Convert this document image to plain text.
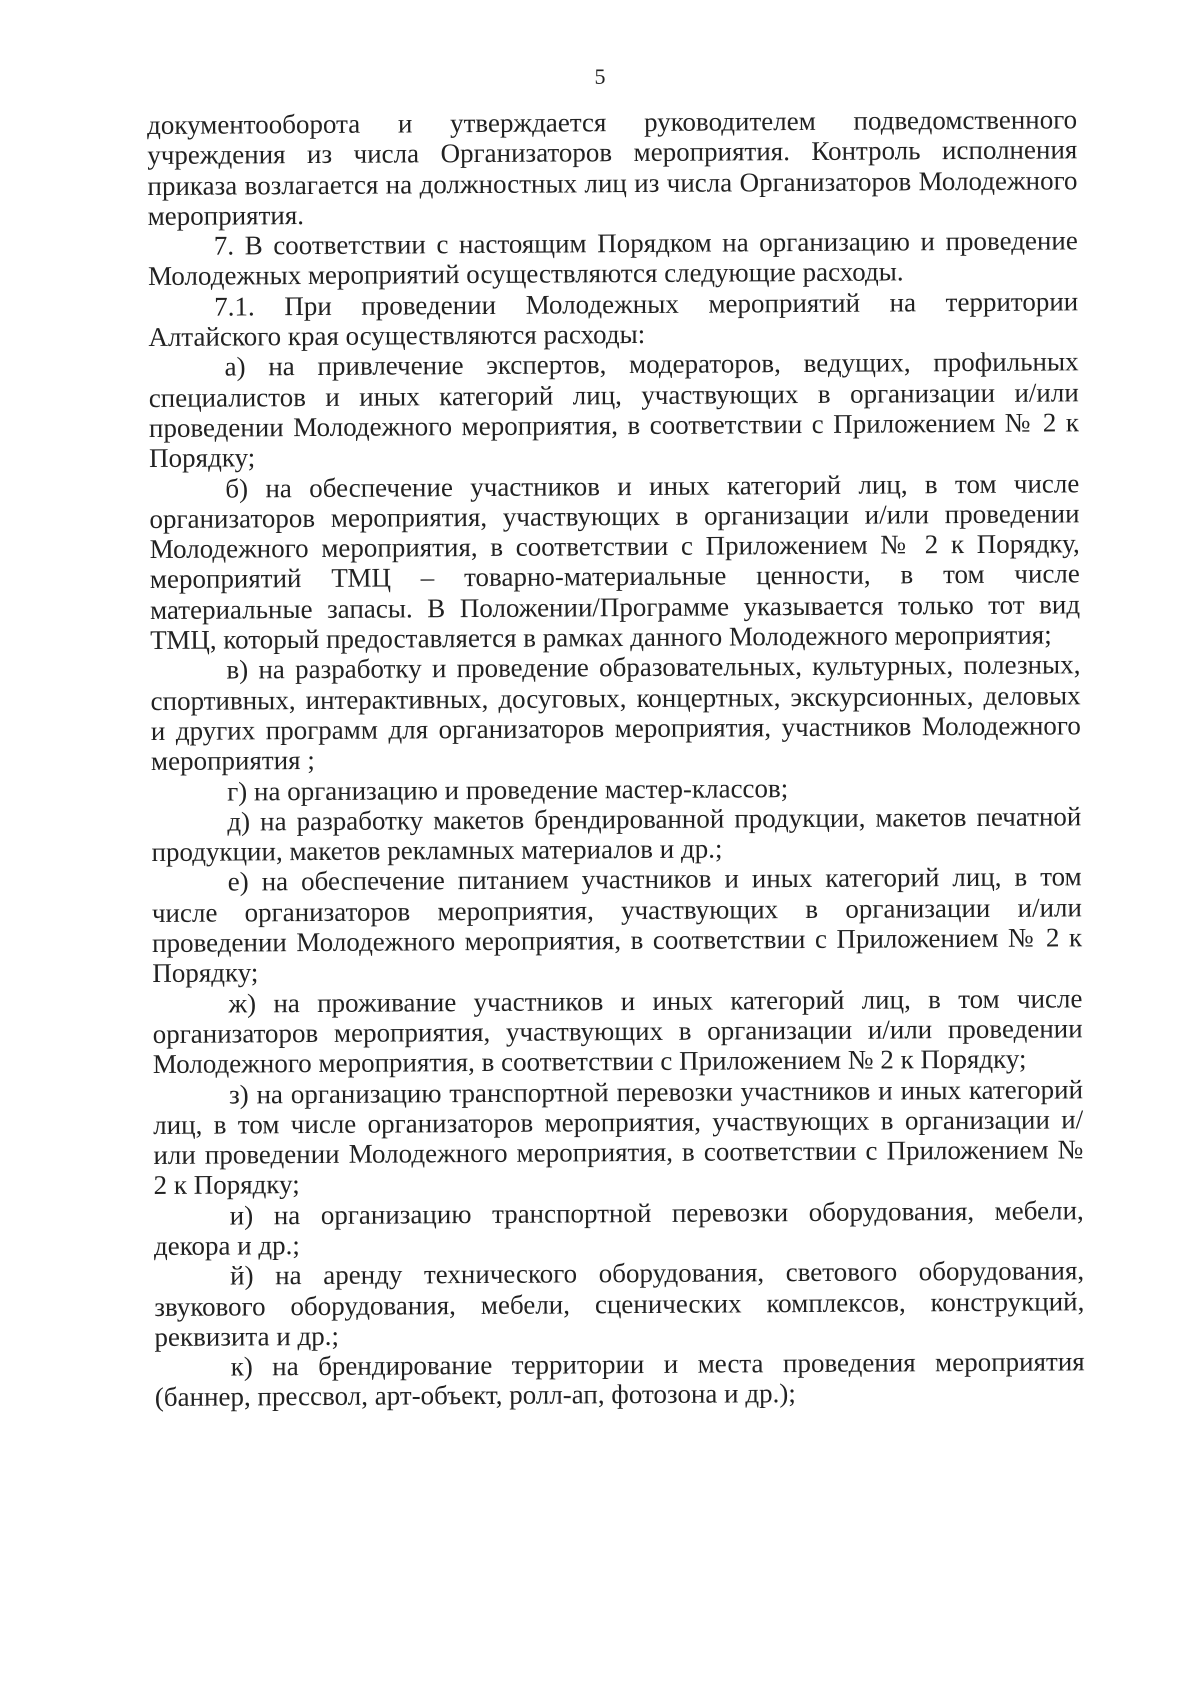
5

документооборота и утверждается руководителем подведомственного учреждения из числа Организаторов мероприятия. Контроль исполнения приказа возлагается на должностных лиц из числа Организаторов Молодежного мероприятия.

7. В соответствии с настоящим Порядком на организацию и проведение Молодежных мероприятий осуществляются следующие расходы.

7.1. При проведении Молодежных мероприятий на территории Алтайского края осуществляются расходы:

а) на привлечение экспертов, модераторов, ведущих, профильных специалистов и иных категорий лиц, участвующих в организации и/или проведении Молодежного мероприятия, в соответствии с Приложением № 2 к Порядку;

б) на обеспечение участников и иных категорий лиц, в том числе организаторов мероприятия, участвующих в организации и/или проведении Молодежного мероприятия, в соответствии с Приложением № 2 к Порядку, мероприятий ТМЦ – товарно-материальные ценности, в том числе материальные запасы. В Положении/Программе указывается только тот вид ТМЦ, который предоставляется в рамках данного Молодежного мероприятия;

в) на разработку и проведение образовательных, культурных, полезных, спортивных, интерактивных, досуговых, концертных, экскурсионных, деловых и других программ для организаторов мероприятия, участников Молодежного мероприятия ;

г) на организацию и проведение мастер-классов;

д) на разработку макетов брендированной продукции, макетов печатной продукции, макетов рекламных материалов и др.;

е) на обеспечение питанием участников и иных категорий лиц, в том числе организаторов мероприятия, участвующих в организации и/или проведении Молодежного мероприятия, в соответствии с Приложением № 2 к Порядку;

ж) на проживание участников и иных категорий лиц, в том числе организаторов мероприятия, участвующих в организации и/или проведении Молодежного мероприятия, в соответствии с Приложением № 2 к Порядку;

з) на организацию транспортной перевозки участников и иных категорий лиц, в том числе организаторов мероприятия, участвующих в организации и/или проведении Молодежного мероприятия, в соответствии с Приложением № 2 к Порядку;

и) на организацию транспортной перевозки оборудования, мебели, декора и др.;

й) на аренду технического оборудования, светового оборудования, звукового оборудования, мебели, сценических комплексов, конструкций, реквизита и др.;

к) на брендирование территории и места проведения мероприятия (баннер, прессвол, арт-объект, ролл-ап, фотозона и др.);
